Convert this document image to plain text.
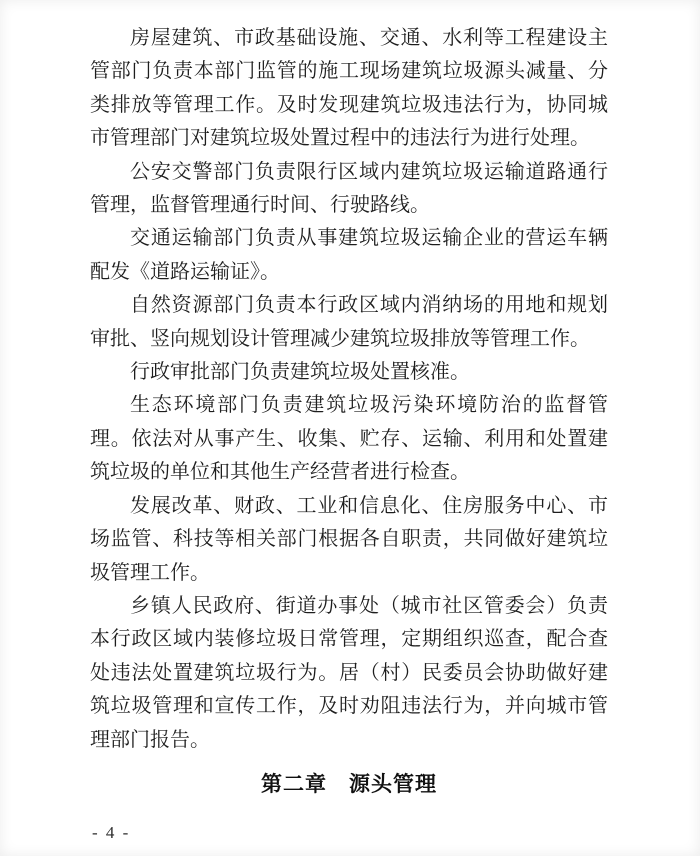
房屋建筑、市政基础设施、交通、水利等工程建设主管部门负责本部门监管的施工现场建筑垃圾源头减量、分类排放等管理工作。及时发现建筑垃圾违法行为，协同城市管理部门对建筑垃圾处置过程中的违法行为进行处理。

公安交警部门负责限行区域内建筑垃圾运输道路通行管理，监督管理通行时间、行驶路线。

交通运输部门负责从事建筑垃圾运输企业的营运车辆配发《道路运输证》。

自然资源部门负责本行政区域内消纳场的用地和规划审批、竖向规划设计管理减少建筑垃圾排放等管理工作。

行政审批部门负责建筑垃圾处置核准。

生态环境部门负责建筑垃圾污染环境防治的监督管理。依法对从事产生、收集、贮存、运输、利用和处置建筑垃圾的单位和其他生产经营者进行检查。

发展改革、财政、工业和信息化、住房服务中心、市场监管、科技等相关部门根据各自职责，共同做好建筑垃圾管理工作。

乡镇人民政府、街道办事处（城市社区管委会）负责本行政区域内装修垃圾日常管理，定期组织巡查，配合查处违法处置建筑垃圾行为。居（村）民委员会协助做好建筑垃圾管理和宣传工作，及时劝阻违法行为，并向城市管理部门报告。

第二章　源头管理
- 4 -
